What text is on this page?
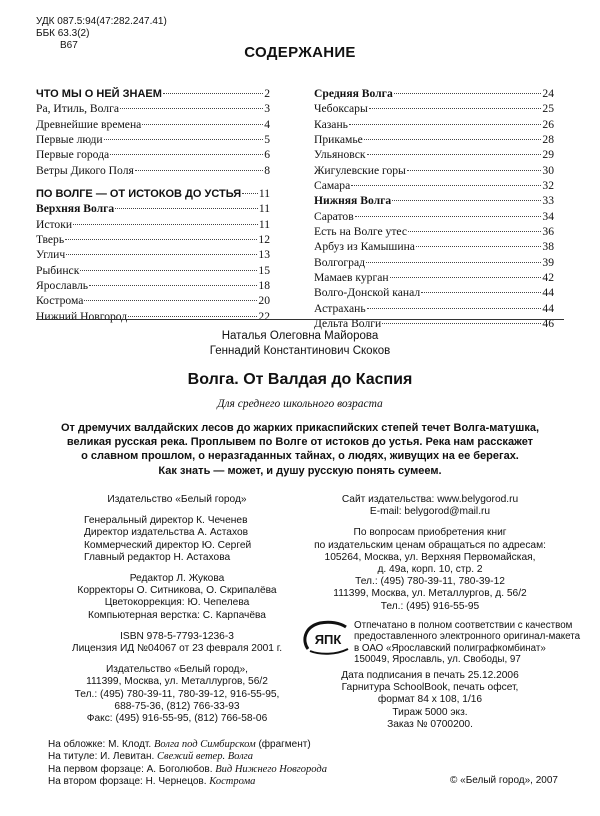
УДК 087.5:94(47:282.247.41)
ББК 63.3(2)
В67	СОДЕРЖАНИЕ
ЧТО МЫ О НЕЙ ЗНАЕМ	2
Ра, Итиль, Волга	3
Древнейшие времена	4
Первые люди	5
Первые города	6
Ветры Дикого Поля	8
ПО ВОЛГЕ — ОТ ИСТОКОВ ДО УСТЬЯ 11
Верхняя Волга	11
Истоки	11
Тверь	12
Углич	13
Рыбинск	15
Ярославль	18
Кострома	20
Нижний Новгород	22
Средняя Волга	24
Чебоксары	25
Казань	26
Прикамье	28
Ульяновск	29
Жигулевские горы	30
Самара	32
Нижняя Волга	33
Саратов	34
Есть на Волге утес	36
Арбуз из Камышина	38
Волгоград	39
Мамаев курган	42
Волго-Донской канал	44
Астрахань	44
Дельта Волги	46
Наталья Олеговна Майорова
Геннадий Константинович Скоков
Волга. От Валдая до Каспия
Для среднего школьного возраста
От дремучих валдайских лесов до жарких прикаспийских степей течет Волга-матушка,
великая русская река. Проплывем по Волге от истоков до устья. Река нам расскажет
о славном прошлом, о неразгаданных тайнах, о людях, живущих на ее берегах.
Как знать — может, и душу русскую понять сумеем.
Издательство «Белый город»
Генеральный директор К. Чеченев
Директор издательства А. Астахов
Коммерческий директор Ю. Сергей
Главный редактор Н. Астахова
Редактор Л. Жукова
Корректоры О. Ситникова, О. Скрипалёва
Цветокоррекция: Ю. Чепелева
Компьютерная верстка: С. Карпачёва
ISBN 978-5-7793-1236-3
Лицензия ИД №04067 от 23 февраля 2001 г.
Издательство «Белый город»,
111399, Москва, ул. Металлургов, 56/2
Тел.: (495) 780-39-11, 780-39-12, 916-55-95,
688-75-36, (812) 766-33-93
Факс: (495) 916-55-95, (812) 766-58-06
Сайт издательства: www.belygorod.ru
E-mail: belygorod@mail.ru
По вопросам приобретения книг
по издательским ценам обращаться по адресам:
105264, Москва, ул. Верхняя Первомайская,
д. 49а, корп. 10, стр. 2
Тел.: (495) 780-39-11, 780-39-12
111399, Москва, ул. Металлургов, д. 56/2
Тел.: (495) 916-55-95
ЯПК
Отпечатано в полном соответствии с качеством
предоставленного электронного оригинал-макета
в ОАО «Ярославский полиграфкомбинат»
150049, Ярославль, ул. Свободы, 97
Дата подписания в печать 25.12.2006
Гарнитура SchoolBook, печать офсет,
формат 84 x 108, 1/16
Тираж 5000 экз.
Заказ № 0700200.
На обложке: М. Клодт. Волга под Симбирском (фрагмент)
На титуле: И. Левитан. Свежий ветер. Волга
На первом форзаце: А. Боголюбов. Вид Нижнего Новгорода
На втором форзаце: Н. Чернецов. Кострома	© «Белый город», 2007
